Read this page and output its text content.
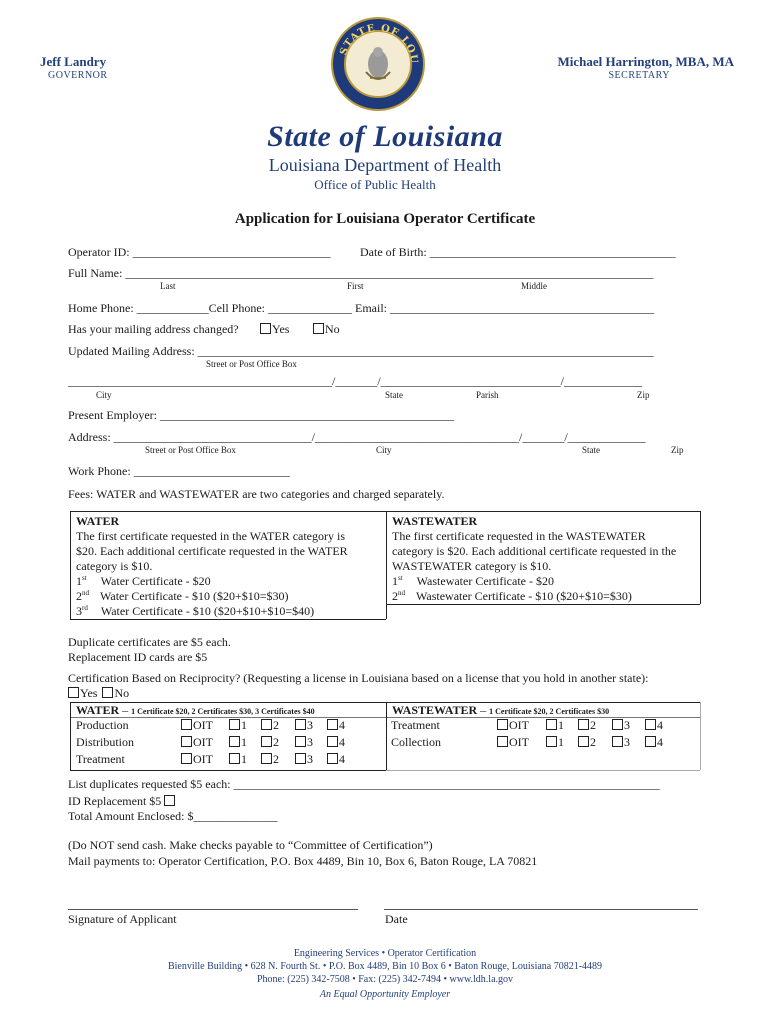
Jeff Landry
GOVERNOR
Michael Harrington, MBA, MA
SECRETARY
STATE OF LOU
State of Louisiana
Louisiana Department of Health
Office of Public Health
Application for Louisiana Operator Certificate
Operator ID: _________________________________ Date of Birth: _________________________________________
Full Name: ________________________________________________________________________________________
Last	First	Middle
Home Phone: ____________Cell Phone: ______________ Email: ____________________________________________
Has your mailing address changed?	Yes	No
Updated Mailing Address: ____________________________________________________________________________
Street or Post Office Box
____________________________________________/_______/______________________________/_____________
City	State	Parish	Zip
Present Employer: _________________________________________________
Address: _________________________________/__________________________________/_______/_____________
Street or Post Office Box	City	State	Zip
Work Phone: __________________________
Fees: WATER and WASTEWATER are two categories and charged separately.
WATER
The first certificate requested in the WATER category is
$20. Each additional certificate requested in the WATER
category is $10.
1st Water Certificate - $20
2nd Water Certificate - $10 ($20+$10=$30)
3rd Water Certificate - $10 ($20+$10+$10=$40)
WASTEWATER
The first certificate requested in the WASTEWATER
category is $20. Each additional certificate requested in the
WASTEWATER category is $10.
1st Wastewater Certificate - $20
2nd Wastewater Certificate - $10 ($20+$10=$30)
Duplicate certificates are $5 each.
Replacement ID cards are $5
Certification Based on Reciprocity? (Requesting a license in Louisiana based on a license that you hold in another state):
Yes No
WATER – 1 Certificate $20, 2 Certificates $30, 3 Certificates $40	WASTEWATER – 1 Certificate $20, 2 Certificates $30
Production	OIT	1	2	3	4
Distribution	OIT	1	2	3	4
Treatment	OIT	1	2	3	4
Treatment	OIT	1	2	3	4
Collection	OIT	1	2	3	4
List duplicates requested $5 each: _______________________________________________________________________
ID Replacement $5
Total Amount Enclosed: $______________
(Do NOT send cash. Make checks payable to “Committee of Certification”)
Mail payments to: Operator Certification, P.O. Box 4489, Bin 10, Box 6, Baton Rouge, LA 70821
Signature of Applicant	Date
Engineering Services • Operator Certification
Bienville Building • 628 N. Fourth St. • P.O. Box 4489, Bin 10 Box 6 • Baton Rouge, Louisiana 70821-4489
Phone: (225) 342-7508 • Fax: (225) 342-7494 • www.ldh.la.gov
An Equal Opportunity Employer
